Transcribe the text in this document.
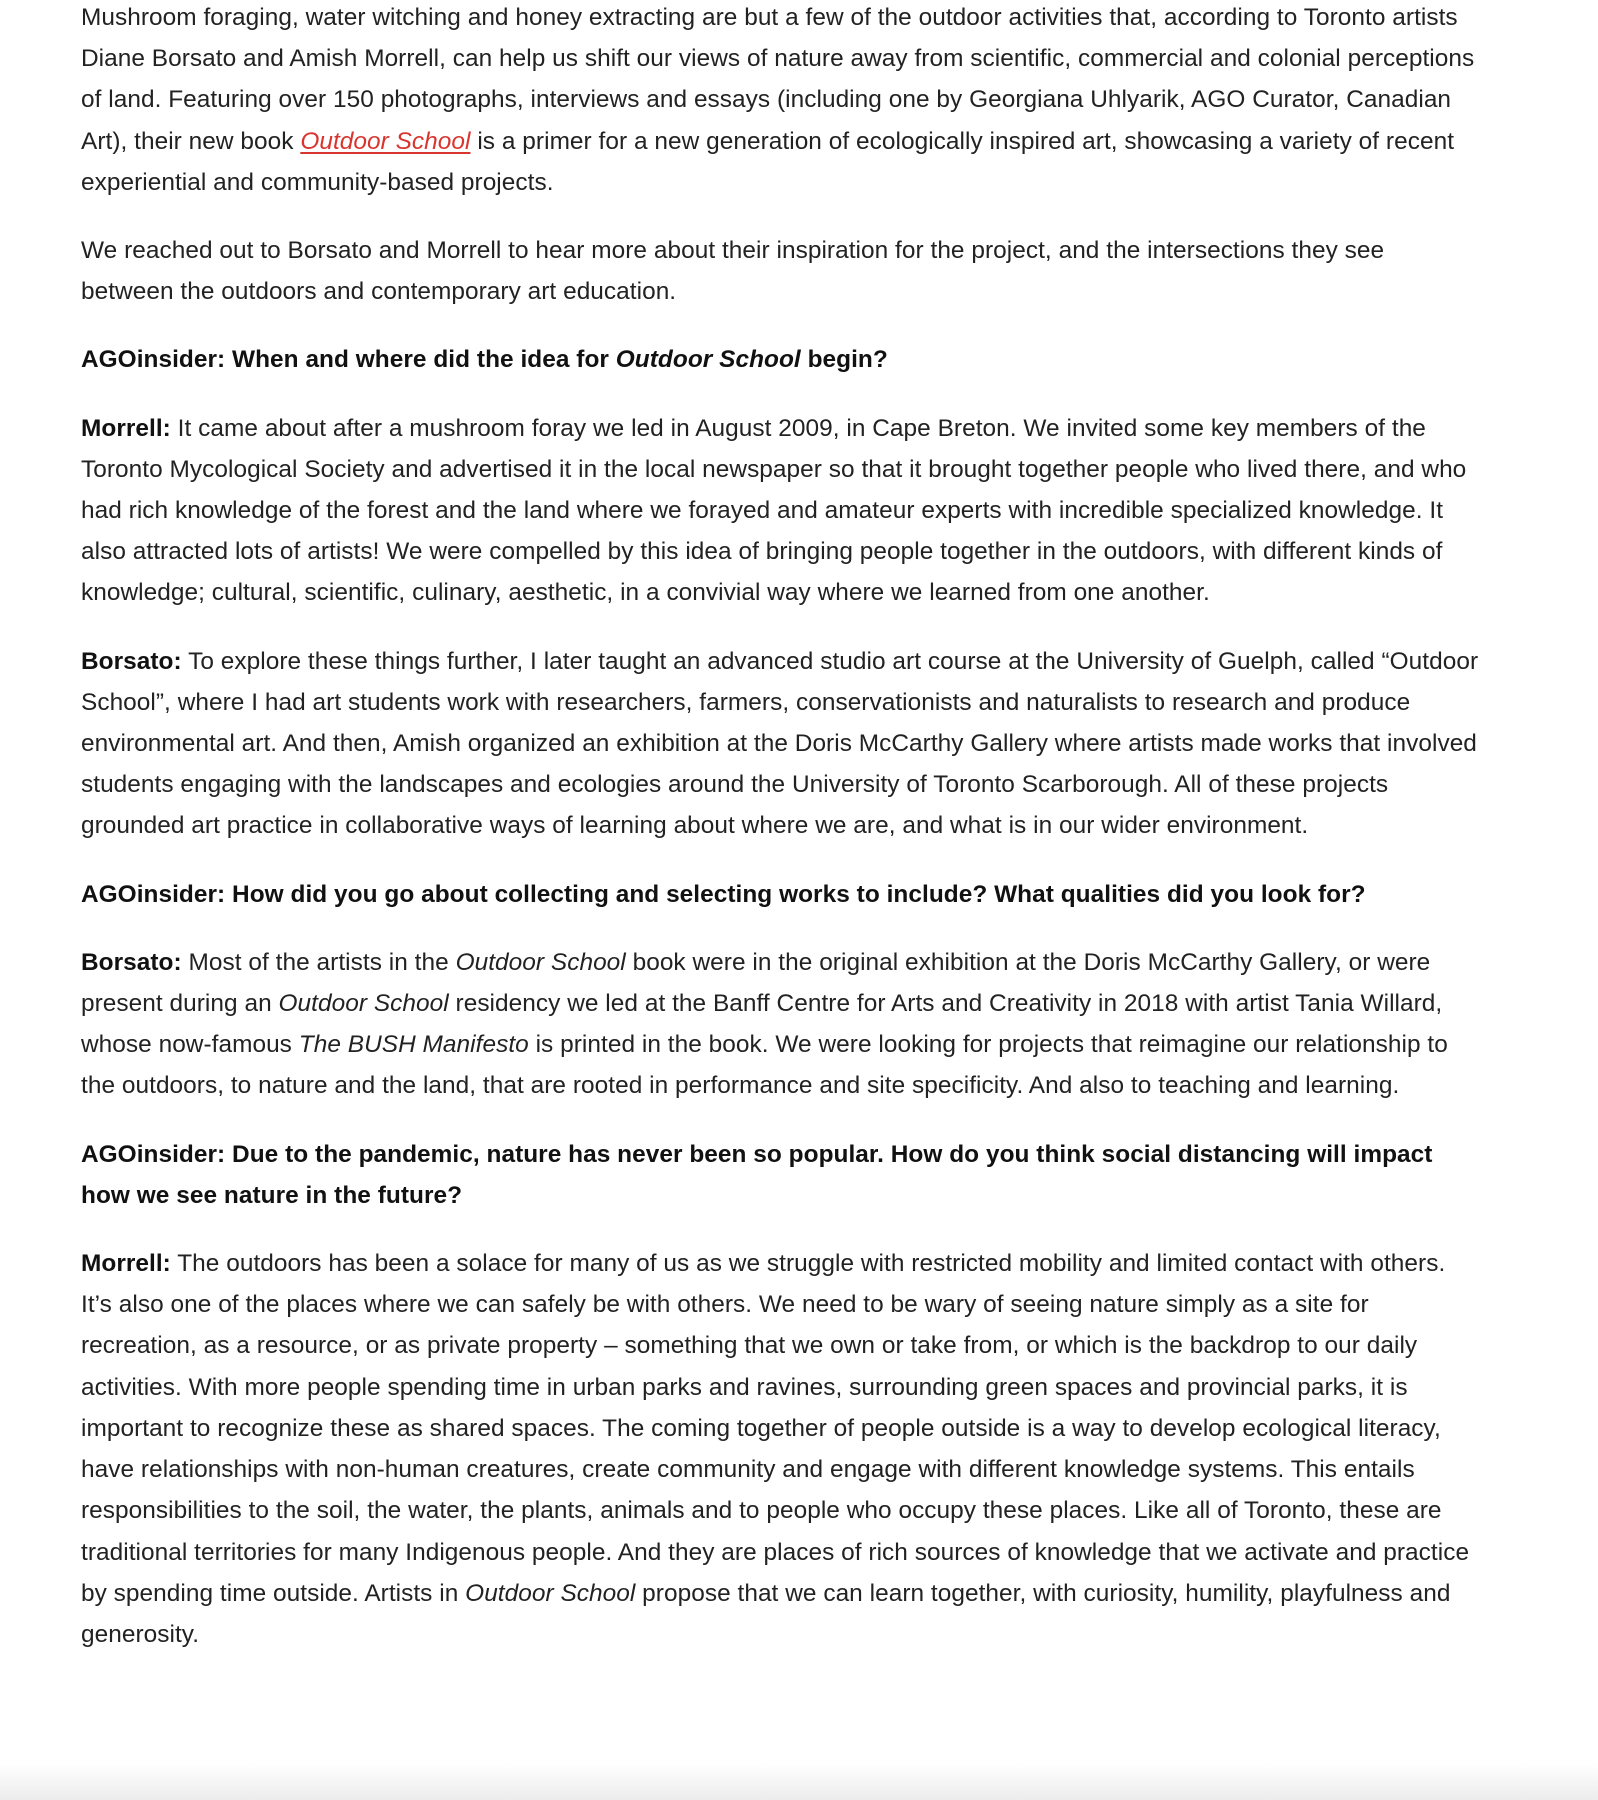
Mushroom foraging, water witching and honey extracting are but a few of the outdoor activities that, according to Toronto artists Diane Borsato and Amish Morrell, can help us shift our views of nature away from scientific, commercial and colonial perceptions of land. Featuring over 150 photographs, interviews and essays (including one by Georgiana Uhlyarik, AGO Curator, Canadian Art), their new book Outdoor School is a primer for a new generation of ecologically inspired art, showcasing a variety of recent experiential and community-based projects.

We reached out to Borsato and Morrell to hear more about their inspiration for the project, and the intersections they see between the outdoors and contemporary art education.

AGOinsider: When and where did the idea for Outdoor School begin?

Morrell: It came about after a mushroom foray we led in August 2009, in Cape Breton. We invited some key members of the Toronto Mycological Society and advertised it in the local newspaper so that it brought together people who lived there, and who had rich knowledge of the forest and the land where we forayed and amateur experts with incredible specialized knowledge. It also attracted lots of artists! We were compelled by this idea of bringing people together in the outdoors, with different kinds of knowledge; cultural, scientific, culinary, aesthetic, in a convivial way where we learned from one another.

Borsato: To explore these things further, I later taught an advanced studio art course at the University of Guelph, called “Outdoor School”, where I had art students work with researchers, farmers, conservationists and naturalists to research and produce environmental art. And then, Amish organized an exhibition at the Doris McCarthy Gallery where artists made works that involved students engaging with the landscapes and ecologies around the University of Toronto Scarborough. All of these projects grounded art practice in collaborative ways of learning about where we are, and what is in our wider environment.

AGOinsider: How did you go about collecting and selecting works to include? What qualities did you look for?

Borsato: Most of the artists in the Outdoor School book were in the original exhibition at the Doris McCarthy Gallery, or were present during an Outdoor School residency we led at the Banff Centre for Arts and Creativity in 2018 with artist Tania Willard, whose now-famous The BUSH Manifesto is printed in the book. We were looking for projects that reimagine our relationship to the outdoors, to nature and the land, that are rooted in performance and site specificity. And also to teaching and learning.

AGOinsider: Due to the pandemic, nature has never been so popular. How do you think social distancing will impact how we see nature in the future?

Morrell: The outdoors has been a solace for many of us as we struggle with restricted mobility and limited contact with others. It’s also one of the places where we can safely be with others. We need to be wary of seeing nature simply as a site for recreation, as a resource, or as private property – something that we own or take from, or which is the backdrop to our daily activities. With more people spending time in urban parks and ravines, surrounding green spaces and provincial parks, it is important to recognize these as shared spaces. The coming together of people outside is a way to develop ecological literacy, have relationships with non-human creatures, create community and engage with different knowledge systems. This entails responsibilities to the soil, the water, the plants, animals and to people who occupy these places. Like all of Toronto, these are traditional territories for many Indigenous people. And they are places of rich sources of knowledge that we activate and practice by spending time outside. Artists in Outdoor School propose that we can learn together, with curiosity, humility, playfulness and generosity.
